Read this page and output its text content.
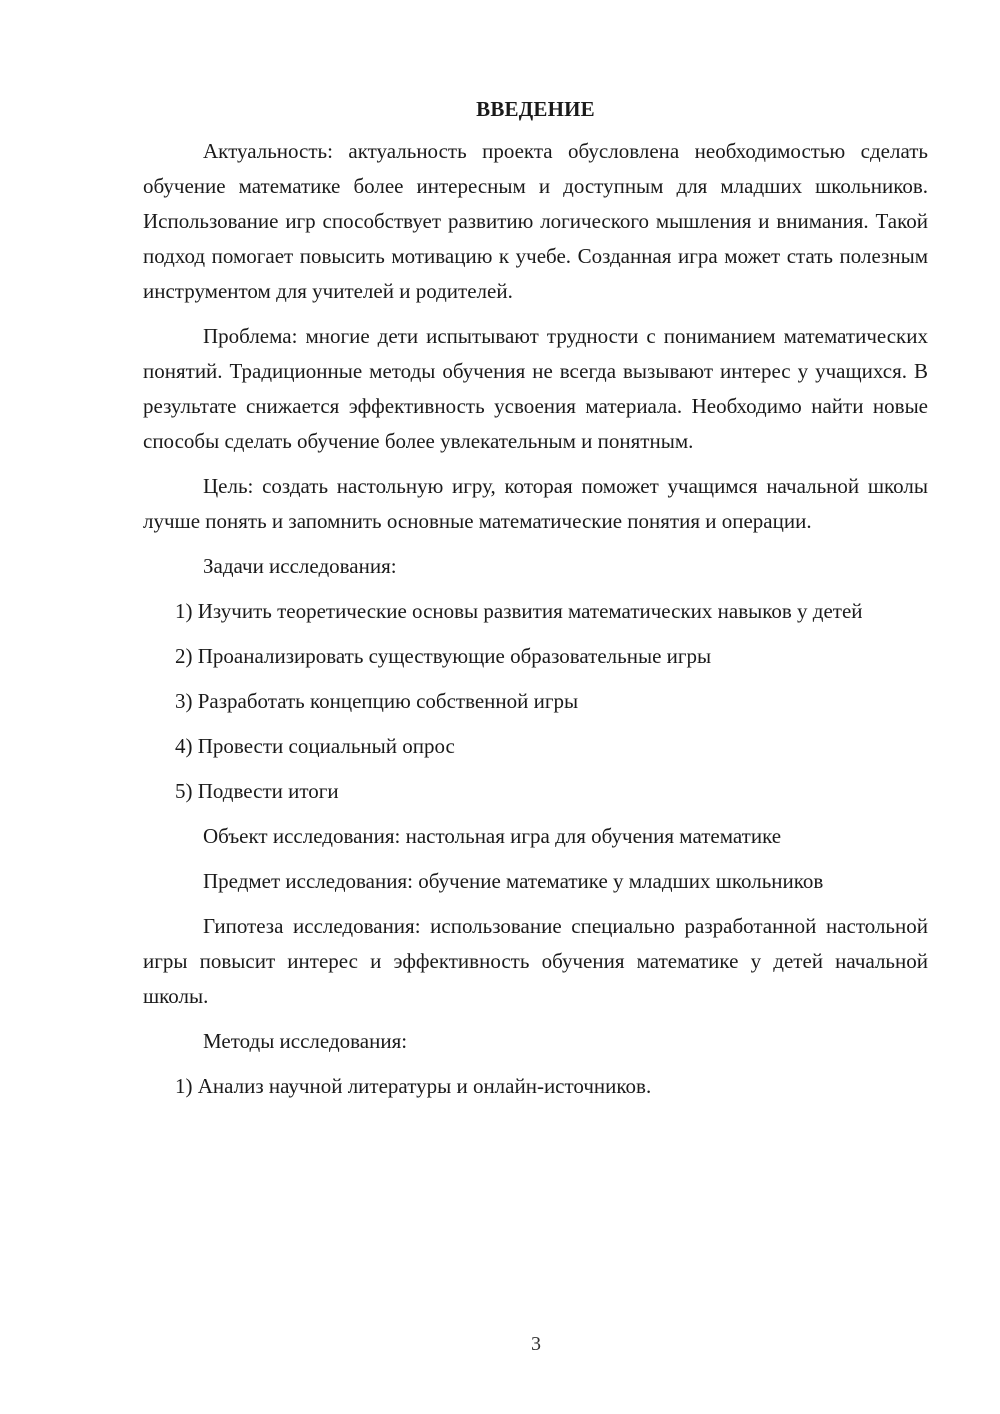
ВВЕДЕНИЕ

Актуальность: актуальность проекта обусловлена необходимостью сделать обучение математике более интересным и доступным для младших школьников. Использование игр способствует развитию логического мышления и внимания. Такой подход помогает повысить мотивацию к учебе. Созданная игра может стать полезным инструментом для учителей и родителей.

Проблема: многие дети испытывают трудности с пониманием математических понятий. Традиционные методы обучения не всегда вызывают интерес у учащихся. В результате снижается эффективность усвоения материала. Необходимо найти новые способы сделать обучение более увлекательным и понятным.

Цель: создать настольную игру, которая поможет учащимся начальной школы лучше понять и запомнить основные математические понятия и операции.

Задачи исследования:

1) Изучить теоретические основы развития математических навыков у детей

2) Проанализировать существующие образовательные игры

3) Разработать концепцию собственной игры

4) Провести социальный опрос

5) Подвести итоги

Объект исследования: настольная игра для обучения математике

Предмет исследования: обучение математике у младших школьников

Гипотеза исследования: использование специально разработанной настольной игры повысит интерес и эффективность обучения математике у детей начальной школы.

Методы исследования:

1) Анализ научной литературы и онлайн-источников.

3
